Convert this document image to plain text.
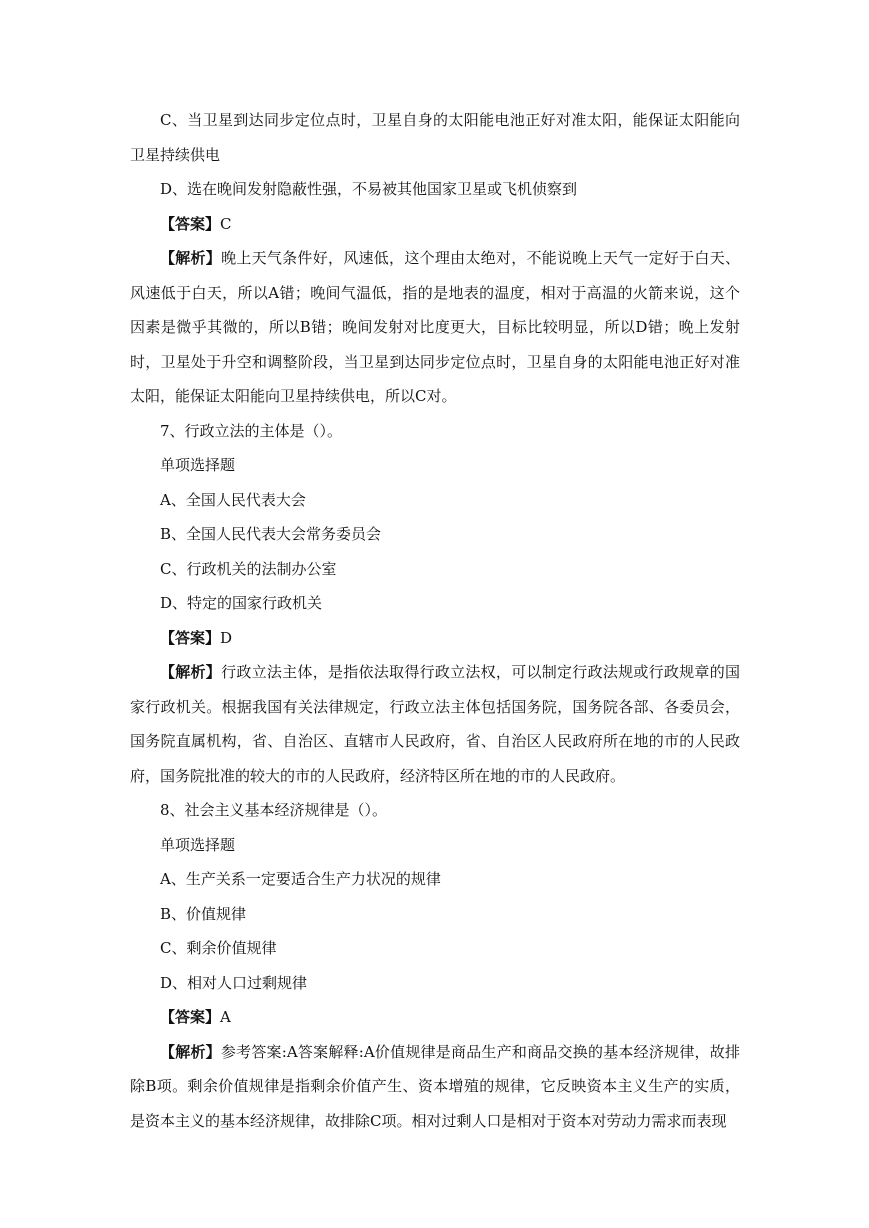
C、当卫星到达同步定位点时，卫星自身的太阳能电池正好对准太阳，能保证太阳能向卫星持续供电

D、选在晚间发射隐蔽性强，不易被其他国家卫星或飞机侦察到

【答案】C

【解析】晚上天气条件好，风速低，这个理由太绝对，不能说晚上天气一定好于白天、风速低于白天，所以A错；晚间气温低，指的是地表的温度，相对于高温的火箭来说，这个因素是微乎其微的，所以B错；晚间发射对比度更大，目标比较明显，所以D错；晚上发射时，卫星处于升空和调整阶段，当卫星到达同步定位点时，卫星自身的太阳能电池正好对准太阳，能保证太阳能向卫星持续供电，所以C对。

7、行政立法的主体是（）。

单项选择题

A、全国人民代表大会

B、全国人民代表大会常务委员会

C、行政机关的法制办公室

D、特定的国家行政机关

【答案】D

【解析】行政立法主体，是指依法取得行政立法权，可以制定行政法规或行政规章的国家行政机关。根据我国有关法律规定，行政立法主体包括国务院，国务院各部、各委员会，国务院直属机构，省、自治区、直辖市人民政府，省、自治区人民政府所在地的市的人民政府，国务院批准的较大的市的人民政府，经济特区所在地的市的人民政府。

8、社会主义基本经济规律是（）。

单项选择题

A、生产关系一定要适合生产力状况的规律

B、价值规律

C、剩余价值规律

D、相对人口过剩规律

【答案】A

【解析】参考答案:A答案解释:A价值规律是商品生产和商品交换的基本经济规律，故排除B项。剩余价值规律是指剩余价值产生、资本增殖的规律，它反映资本主义生产的实质，是资本主义的基本经济规律，故排除C项。相对过剩人口是相对于资本对劳动力需求而表现
